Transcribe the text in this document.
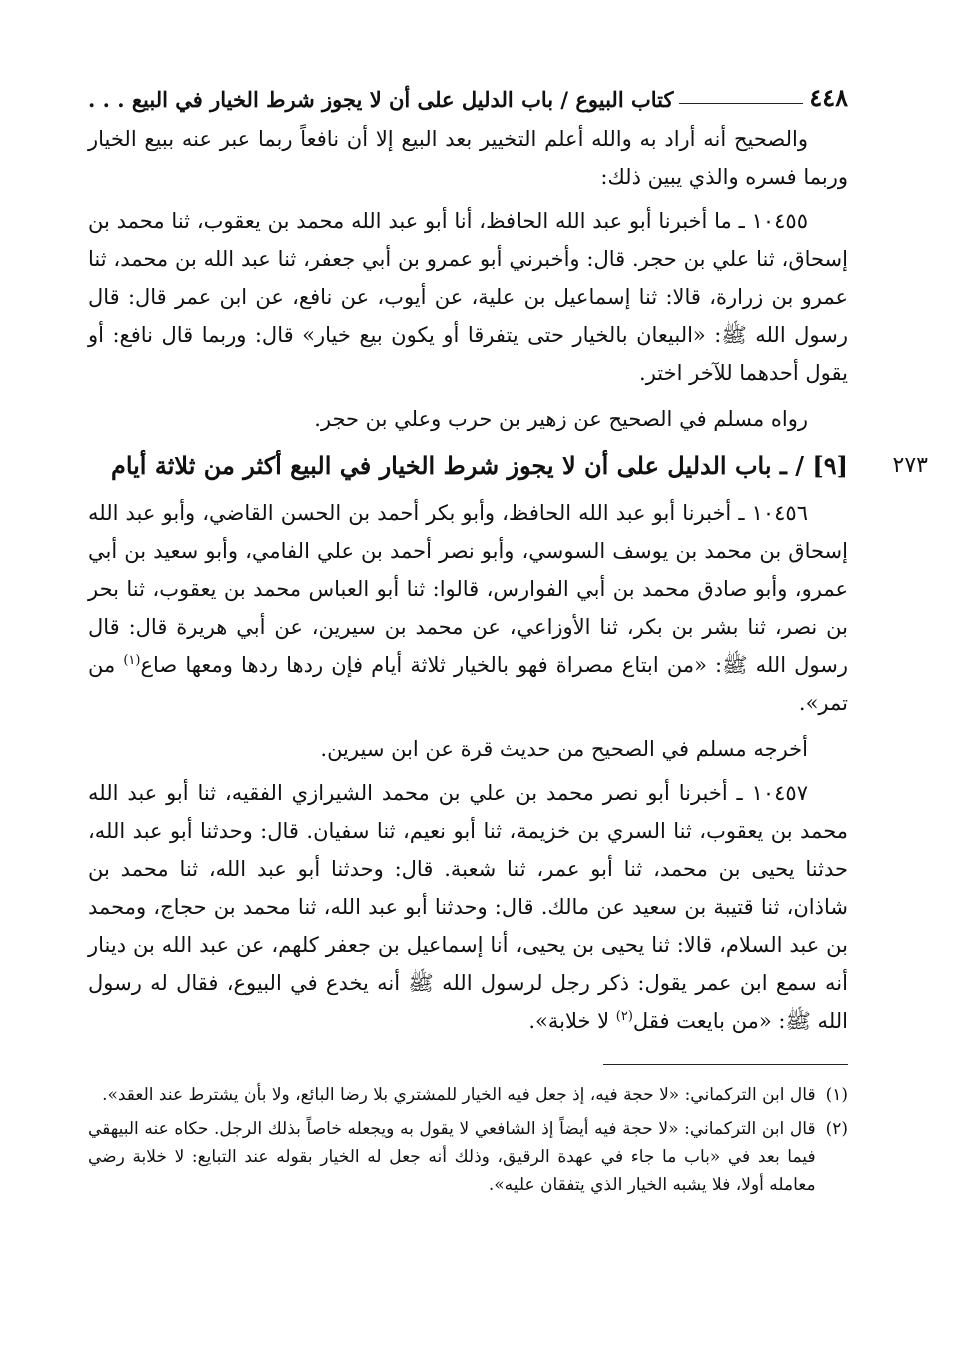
٤٤٨
كتاب البيوع / باب الدليل على أن لا يجوز شرط الخيار في البيع . . .

والصحيح أنه أراد به والله أعلم التخيير بعد البيع إلا أن نافعاً ربما عبر عنه ببيع الخيار وربما فسره والذي يبين ذلك:

١٠٤٥٥ ـ ما أخبرنا أبو عبد الله الحافظ، أنا أبو عبد الله محمد بن يعقوب، ثنا محمد بن إسحاق، ثنا علي بن حجر. قال: وأخبرني أبو عمرو بن أبي جعفر، ثنا عبد الله بن محمد، ثنا عمرو بن زرارة، قالا: ثنا إسماعيل بن علية، عن أيوب، عن نافع، عن ابن عمر قال: قال رسول الله ﷺ: «البيعان بالخيار حتى يتفرقا أو يكون بيع خيار» قال: وربما قال نافع: أو يقول أحدهما للآخر اختر.

رواه مسلم في الصحيح عن زهير بن حرب وعلي بن حجر.

٢٧٣
[٩] / ـ باب الدليل على أن لا يجوز شرط الخيار في البيع أكثر من ثلاثة أيام

١٠٤٥٦ ـ أخبرنا أبو عبد الله الحافظ، وأبو بكر أحمد بن الحسن القاضي، وأبو عبد الله إسحاق بن محمد بن يوسف السوسي، وأبو نصر أحمد بن علي الفامي، وأبو سعيد بن أبي عمرو، وأبو صادق محمد بن أبي الفوارس، قالوا: ثنا أبو العباس محمد بن يعقوب، ثنا بحر بن نصر، ثنا بشر بن بكر، ثنا الأوزاعي، عن محمد بن سيرين، عن أبي هريرة قال: قال رسول الله ﷺ: «من ابتاع مصراة فهو بالخيار ثلاثة أيام فإن ردها ردها ومعها صاع$^{(١)}$ من تمر».

أخرجه مسلم في الصحيح من حديث قرة عن ابن سيرين.

١٠٤٥٧ ـ أخبرنا أبو نصر محمد بن علي بن محمد الشيرازي الفقيه، ثنا أبو عبد الله محمد بن يعقوب، ثنا السري بن خزيمة، ثنا أبو نعيم، ثنا سفيان. قال: وحدثنا أبو عبد الله، حدثنا يحيى بن محمد، ثنا أبو عمر، ثنا شعبة. قال: وحدثنا أبو عبد الله، ثنا محمد بن شاذان، ثنا قتيبة بن سعيد عن مالك. قال: وحدثنا أبو عبد الله، ثنا محمد بن حجاج، ومحمد بن عبد السلام، قالا: ثنا يحيى بن يحيى، أنا إسماعيل بن جعفر كلهم، عن عبد الله بن دينار أنه سمع ابن عمر يقول: ذكر رجل لرسول الله ﷺ أنه يخدع في البيوع، فقال له رسول الله ﷺ: «من بايعت فقل$^{(٢)}$ لا خلابة».

(١)
قال ابن التركماني: «لا حجة فيه، إذ جعل فيه الخيار للمشتري بلا رضا البائع، ولا بأن يشترط عند العقد».
(٢)
قال ابن التركماني: «لا حجة فيه أيضاً إذ الشافعي لا يقول به ويجعله خاصاً بذلك الرجل. حكاه عنه البيهقي فيما بعد في «باب ما جاء في عهدة الرقيق، وذلك أنه جعل له الخيار بقوله عند التبايع: لا خلابة رضي معامله أولا، فلا يشبه الخيار الذي يتفقان عليه».
